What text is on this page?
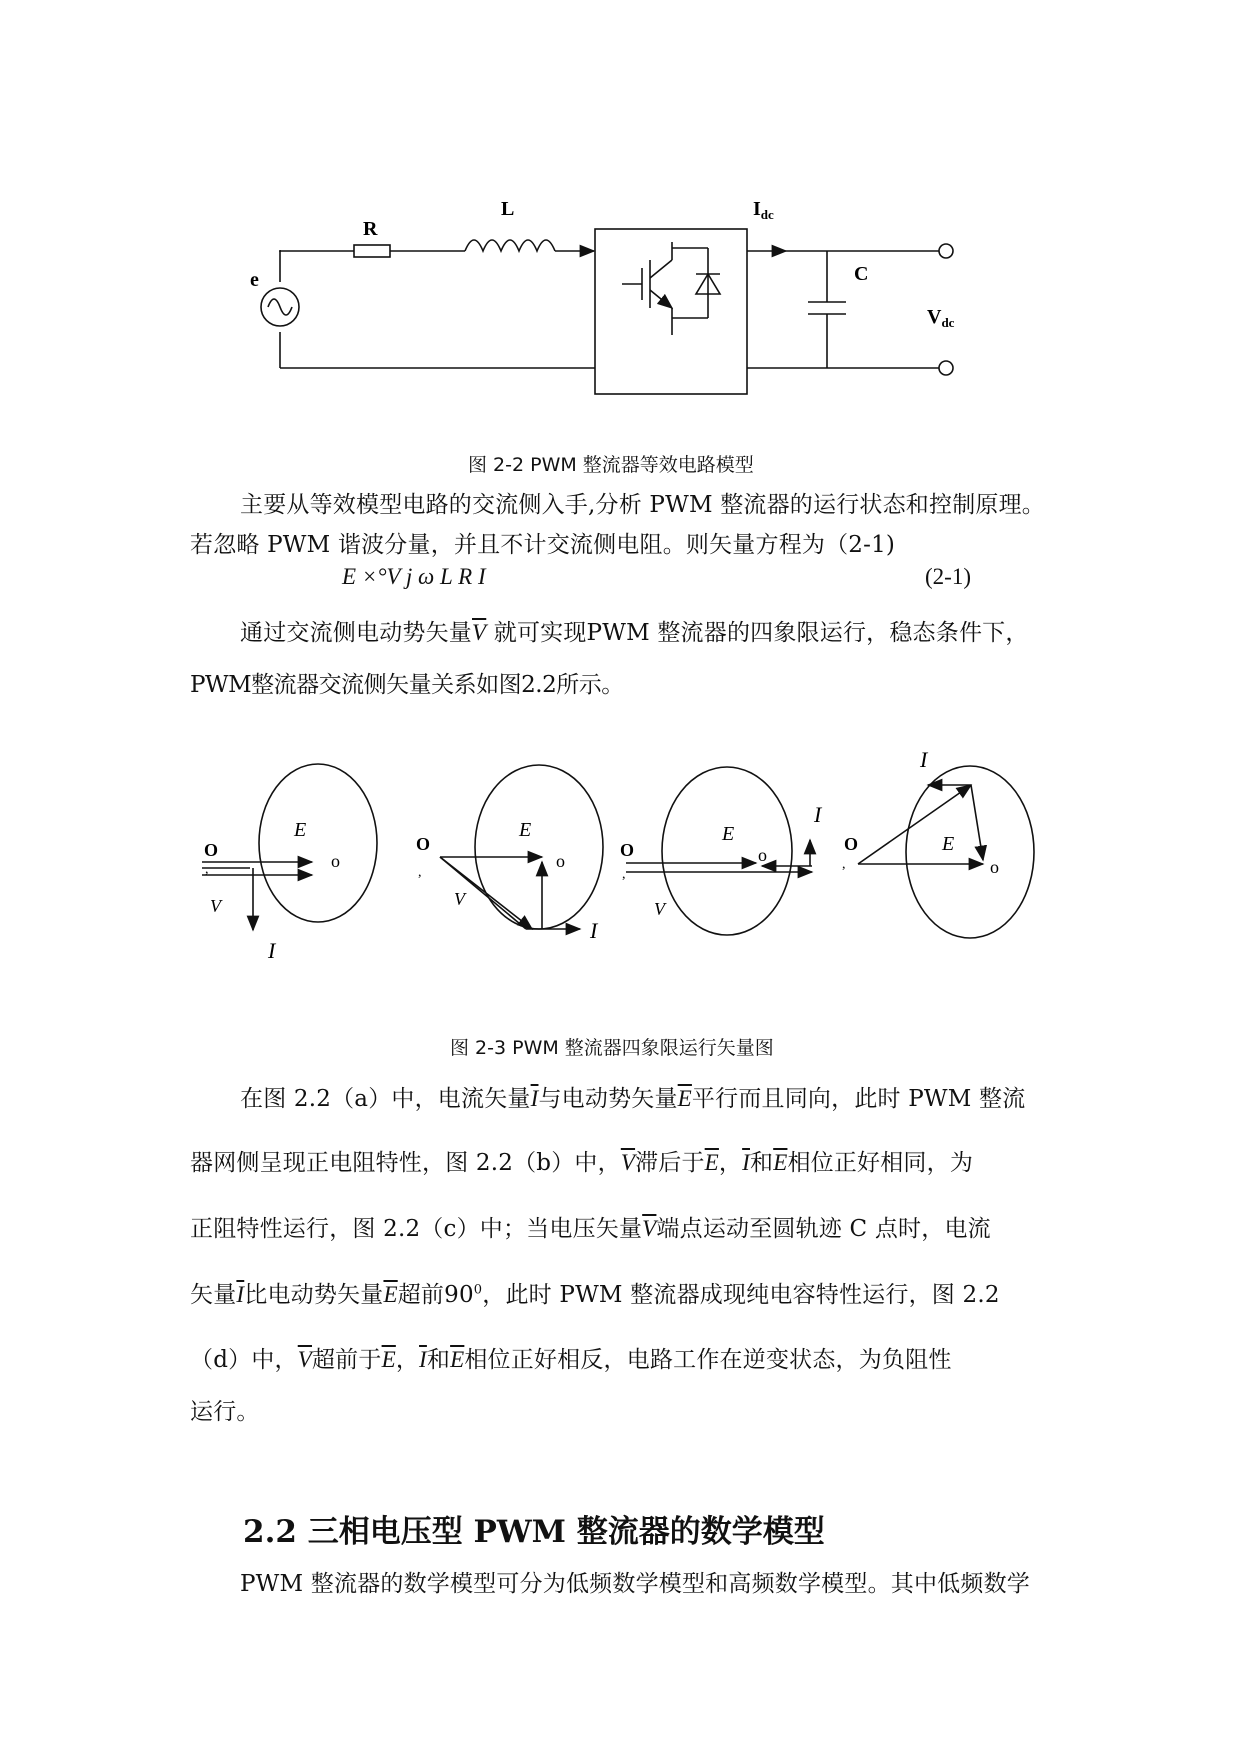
e
R
L	$I_{dc}$
C
$V_{dc}$
图 2-2 PWM 整流器等效电路模型
主要从等效模型电路的交流侧入手,分析 PWM 整流器的运行状态和控制原理。
若忽略 PWM 谐波分量，并且不计交流侧电阻。则矢量方程为（2-1)
E ×°V j ω L R I	(2-1)
通过交流侧电动势矢量$\overline{V}$ 就可实现PWM 整流器的四象限运行，稳态条件下，
PWM整流器交流侧矢量关系如图2.2所示。
E
o
O
,
V
I
E
o
O
,
V
I
E
o
O
,
V
I
E
o
O
,
I
图 2-3 PWM 整流器四象限运行矢量图
在图 2.2（a）中，电流矢量$\overline{I}$与电动势矢量$\overline{E}$平行而且同向，此时 PWM 整流
器网侧呈现正电阻特性，图 2.2（b）中，$\overline{V}$滞后于$\overline{E}$，$\overline{I}$和$\overline{E}$相位正好相同，为
正阻特性运行，图 2.2（c）中；当电压矢量$\overline{V}$端点运动至圆轨迹 C 点时，电流
矢量$\overline{I}$比电动势矢量$\overline{E}$超前$90^0$，此时 PWM 整流器成现纯电容特性运行，图 2.2
（d）中，$\overline{V}$超前于$\overline{E}$，$\overline{I}$和$\overline{E}$相位正好相反，电路工作在逆变状态，为负阻性
运行。
2.2 三相电压型 PWM 整流器的数学模型
PWM 整流器的数学模型可分为低频数学模型和高频数学模型。其中低频数学
